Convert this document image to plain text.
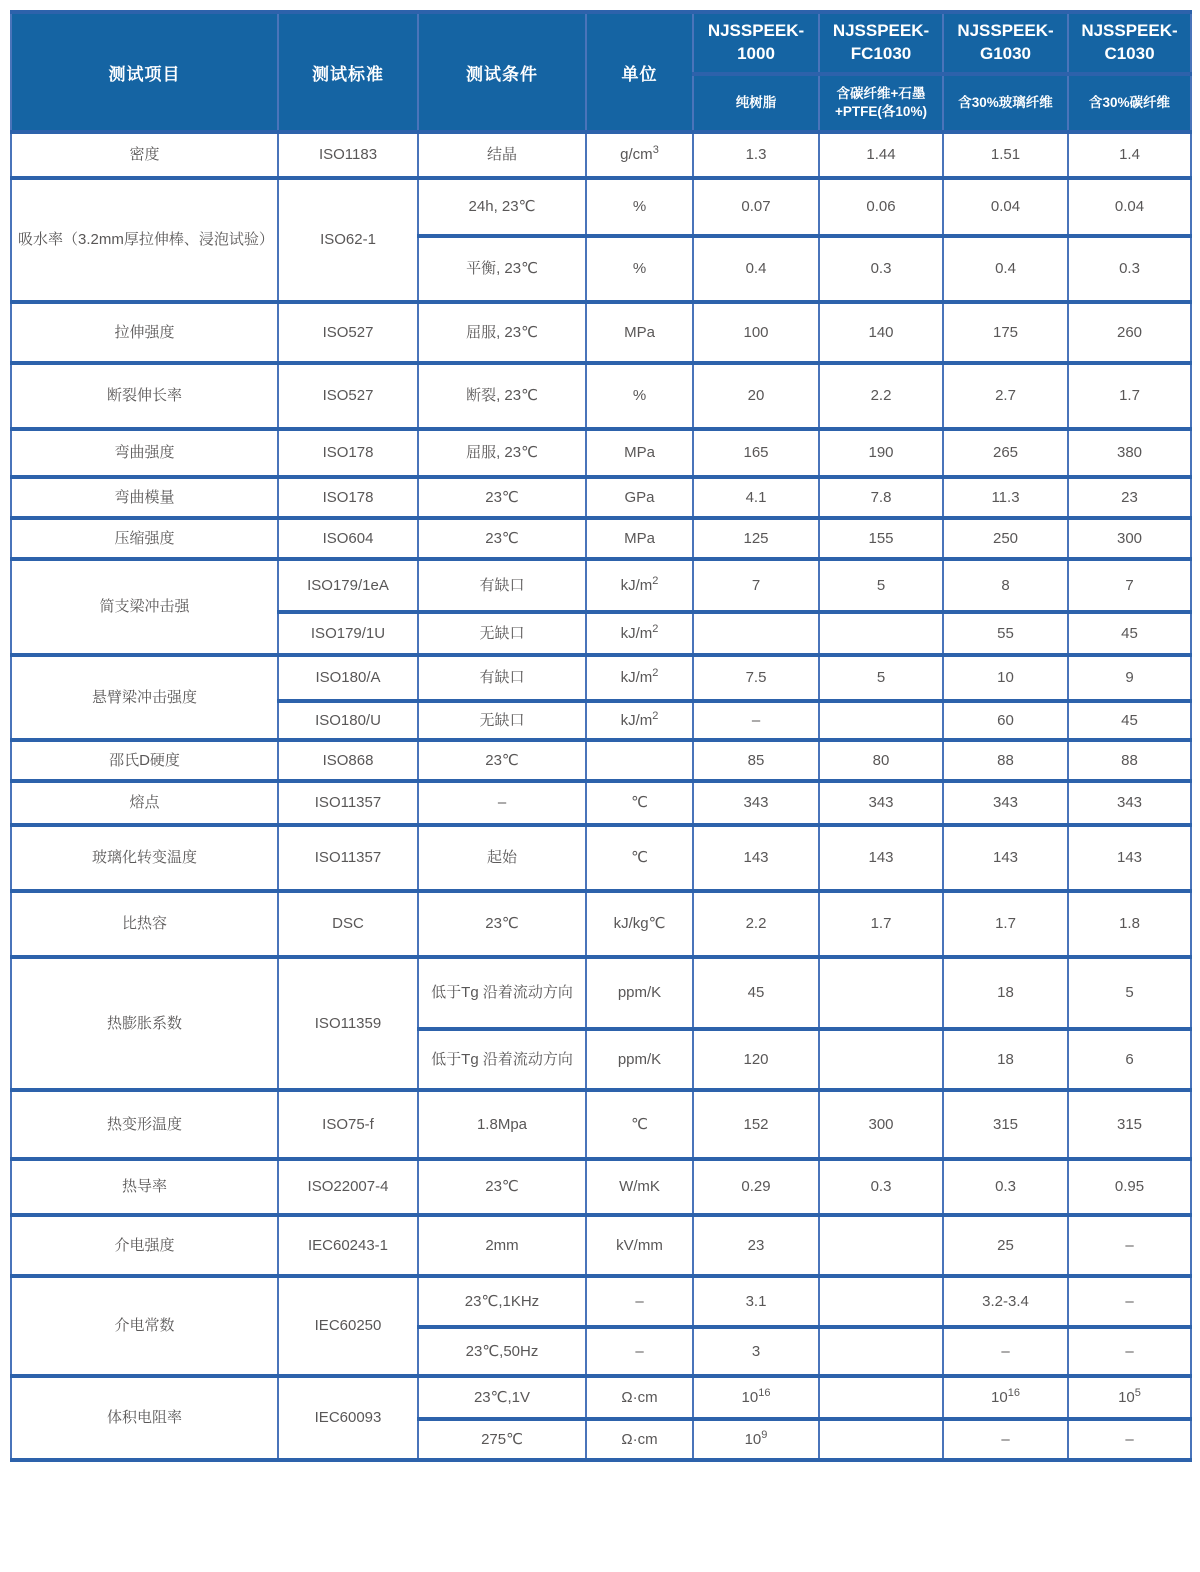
测试项目	测试标准	测试条件	单位	NJSSPEEK-1000	NJSSPEEK-FC1030	NJSSPEEK-G1030	NJSSPEEK-C1030
				纯树脂	含碳纤维+石墨+PTFE(各10%)	含30%玻璃纤维	含30%碳纤维
密度	ISO1183	结晶	$g/cm^3$	1.3	1.44	1.51	1.4
吸水率（3.2mm厚拉伸棒、浸泡试验）	ISO62-1	24h, 23℃	%	0.07	0.06	0.04	0.04
		平衡, 23℃	%	0.4	0.3	0.4	0.3
拉伸强度	ISO527	屈服, 23℃	MPa	100	140	175	260
断裂伸长率	ISO527	断裂, 23℃	%	20	2.2	2.7	1.7
弯曲强度	ISO178	屈服, 23℃	MPa	165	190	265	380
弯曲模量	ISO178	23℃	GPa	4.1	7.8	11.3	23
压缩强度	ISO604	23℃	MPa	125	155	250	300
简支梁冲击强	ISO179/1eA	有缺口	$kJ/m^2$	7	5	8	7
	ISO179/1U	无缺口	$kJ/m^2$			55	45
悬臂梁冲击强度	ISO180/A	有缺口	$kJ/m^2$	7.5	5	10	9
	ISO180/U	无缺口	$kJ/m^2$	–		60	45
邵氏D硬度	ISO868	23℃		85	80	88	88
熔点	ISO11357	–	℃	343	343	343	343
玻璃化转变温度	ISO11357	起始	℃	143	143	143	143
比热容	DSC	23℃	kJ/kg℃	2.2	1.7	1.7	1.8
热膨胀系数	ISO11359	低于Tg 沿着流动方向	ppm/K	45		18	5
		低于Tg 沿着流动方向	ppm/K	120		18	6
热变形温度	ISO75-f	1.8Mpa	℃	152	300	315	315
热导率	ISO22007-4	23℃	W/mK	0.29	0.3	0.3	0.95
介电强度	IEC60243-1	2mm	kV/mm	23		25	–
介电常数	IEC60250	23℃,1KHz	–	3.1		3.2-3.4	–
		23℃,50Hz	–	3		–	–
体积电阻率	IEC60093	23℃,1V	Ω·cm	$10^{16}$		$10^{16}$	$10^5$
		275℃	Ω·cm	$10^9$		–	–
